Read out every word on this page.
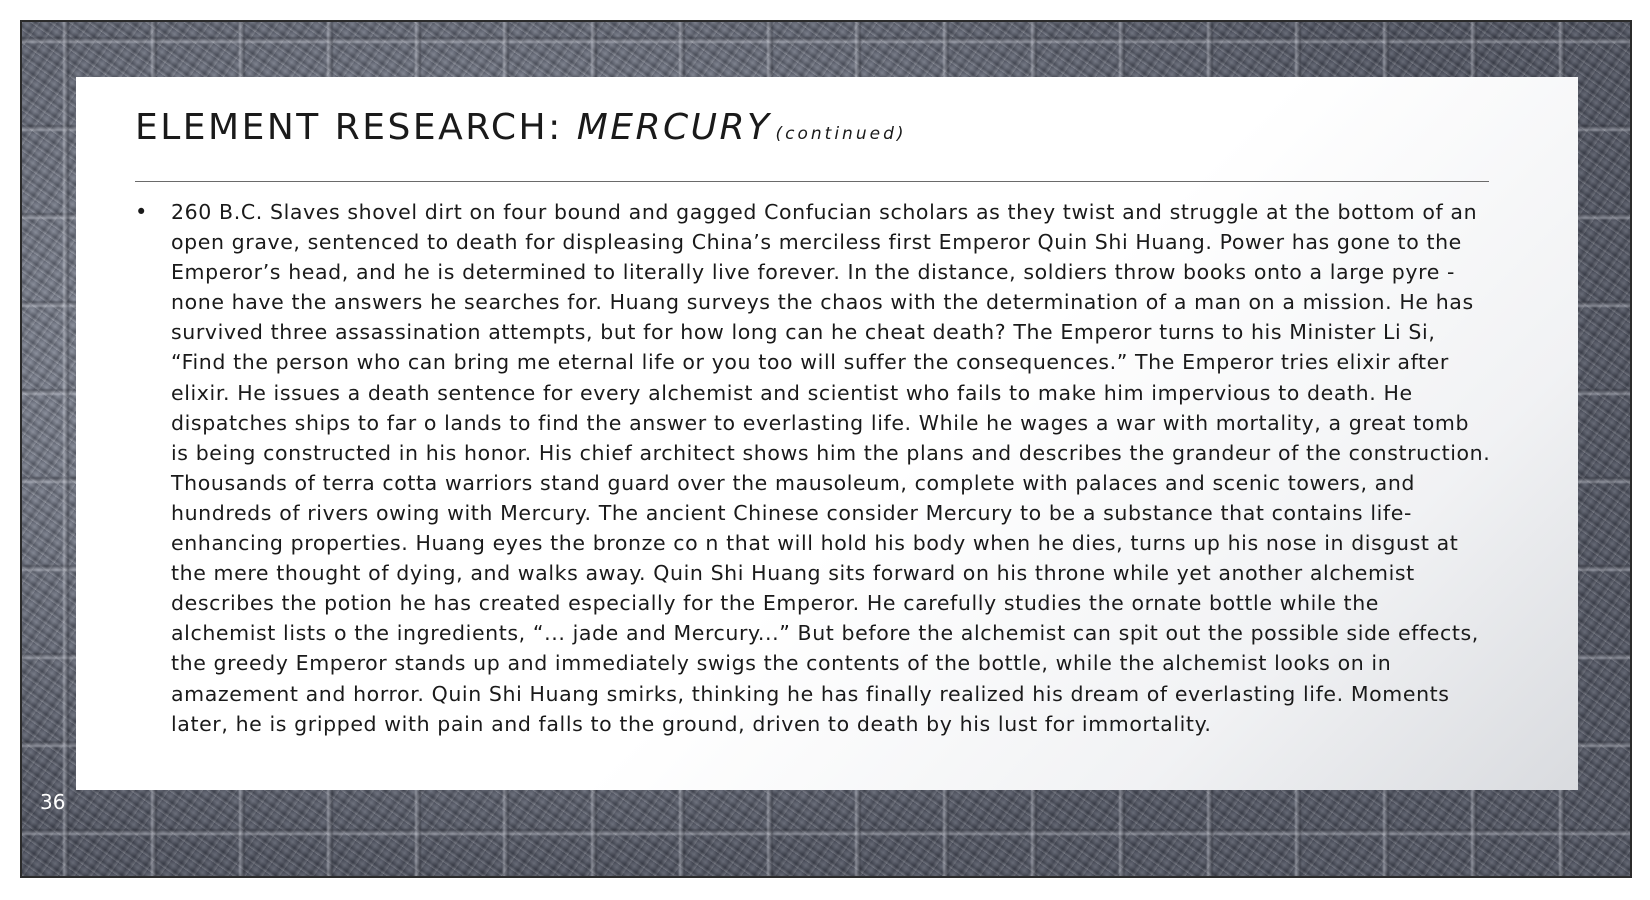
ELEMENT RESEARCH: MERCURY (continued)
•	260 B.C. Slaves shovel dirt on four bound and gagged Confucian scholars as they twist and struggle at the bottom of an open grave, sentenced to death for displeasing China’s merciless first Emperor Quin Shi Huang. Power has gone to the Emperor’s head, and he is determined to literally live forever. In the distance, soldiers throw books onto a large pyre - none have the answers he searches for. Huang surveys the chaos with the determination of a man on a mission. He has survived three assassination attempts, but for how long can he cheat death? The Emperor turns to his Minister Li Si, “Find the person who can bring me eternal life or you too will suffer the consequences.” The Emperor tries elixir after elixir. He issues a death sentence for every alchemist and scientist who fails to make him impervious to death. He dispatches ships to far o lands to find the answer to everlasting life. While he wages a war with mortality, a great tomb is being constructed in his honor. His chief architect shows him the plans and describes the grandeur of the construction. Thousands of terra cotta warriors stand guard over the mausoleum, complete with palaces and scenic towers, and hundreds of rivers owing with Mercury. The ancient Chinese consider Mercury to be a substance that contains life-enhancing properties. Huang eyes the bronze co n that will hold his body when he dies, turns up his nose in disgust at the mere thought of dying, and walks away. Quin Shi Huang sits forward on his throne while yet another alchemist describes the potion he has created especially for the Emperor. He carefully studies the ornate bottle while the alchemist lists o the ingredients, “... jade and Mercury...” But before the alchemist can spit out the possible side effects, the greedy Emperor stands up and immediately swigs the contents of the bottle, while the alchemist looks on in amazement and horror. Quin Shi Huang smirks, thinking he has finally realized his dream of everlasting life. Moments later, he is gripped with pain and falls to the ground, driven to death by his lust for immortality.

36
